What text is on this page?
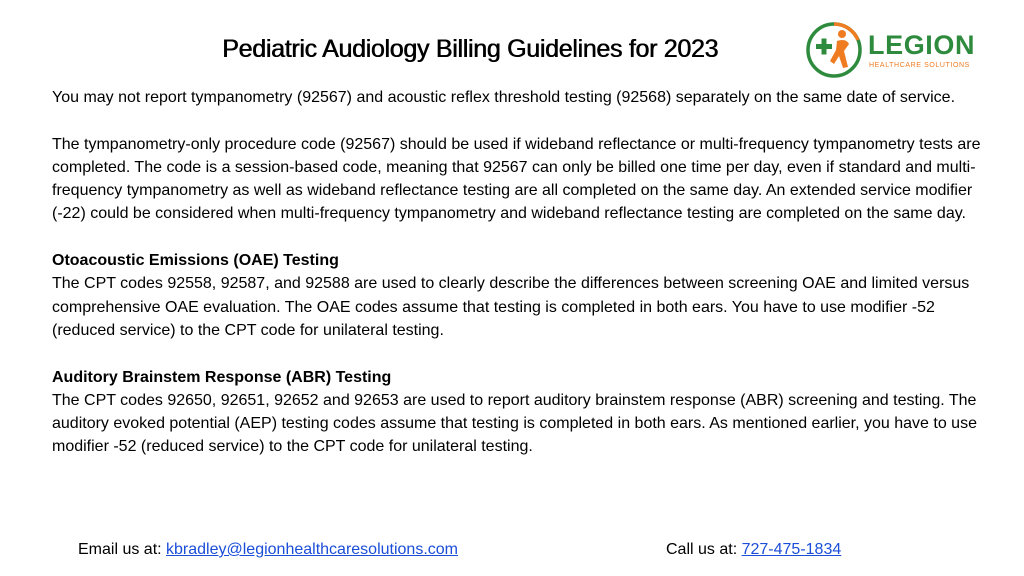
Pediatric Audiology Billing Guidelines for 2023	LEGION
HEALTHCARE SOLUTIONS

You may not report tympanometry (92567) and acoustic reflex threshold testing (92568) separately on the same date of service.

The tympanometry-only procedure code (92567) should be used if wideband reflectance or multi-frequency tympanometry tests are completed. The code is a session-based code, meaning that 92567 can only be billed one time per day, even if standard and multi-frequency tympanometry as well as wideband reflectance testing are all completed on the same day. An extended service modifier (-22) could be considered when multi-frequency tympanometry and wideband reflectance testing are completed on the same day.

Otoacoustic Emissions (OAE) Testing
The CPT codes 92558, 92587, and 92588 are used to clearly describe the differences between screening OAE and limited versus comprehensive OAE evaluation. The OAE codes assume that testing is completed in both ears. You have to use modifier -52 (reduced service) to the CPT code for unilateral testing.

Auditory Brainstem Response (ABR) Testing
The CPT codes 92650, 92651, 92652 and 92653 are used to report auditory brainstem response (ABR) screening and testing. The auditory evoked potential (AEP) testing codes assume that testing is completed in both ears. As mentioned earlier, you have to use modifier -52 (reduced service) to the CPT code for unilateral testing.

Email us at: kbradley@legionhealthcaresolutions.com	Call us at: 727-475-1834
